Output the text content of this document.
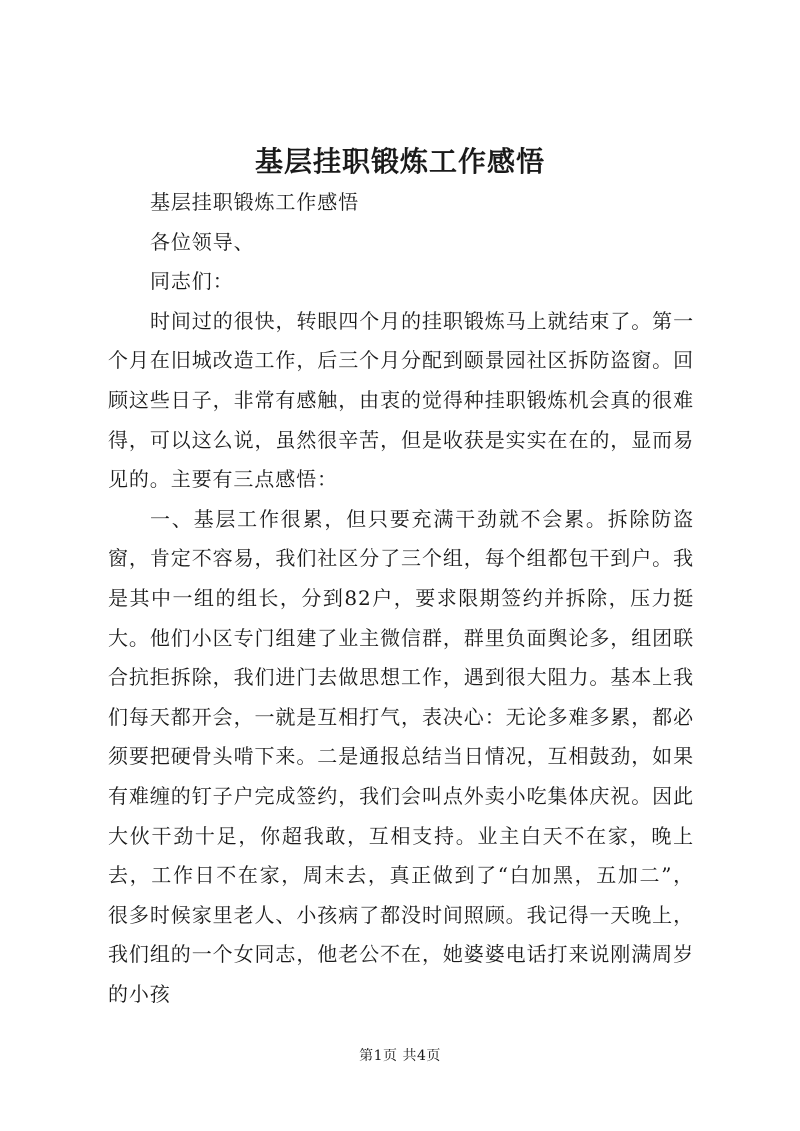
基层挂职锻炼工作感悟

基层挂职锻炼工作感悟

各位领导、

同志们：

时间过的很快，转眼四个月的挂职锻炼马上就结束了。第一个月在旧城改造工作，后三个月分配到颐景园社区拆防盗窗。回顾这些日子，非常有感触，由衷的觉得种挂职锻炼机会真的很难得，可以这么说，虽然很辛苦，但是收获是实实在在的，显而易见的。主要有三点感悟：

一、基层工作很累，但只要充满干劲就不会累。拆除防盗窗，肯定不容易，我们社区分了三个组，每个组都包干到户。我是其中一组的组长，分到82户，要求限期签约并拆除，压力挺大。他们小区专门组建了业主微信群，群里负面舆论多，组团联合抗拒拆除，我们进门去做思想工作，遇到很大阻力。基本上我们每天都开会，一就是互相打气，表决心：无论多难多累，都必须要把硬骨头啃下来。二是通报总结当日情况，互相鼓劲，如果有难缠的钉子户完成签约，我们会叫点外卖小吃集体庆祝。因此大伙干劲十足，你超我敢，互相支持。业主白天不在家，晚上去，工作日不在家，周末去，真正做到了“白加黑，五加二”，很多时候家里老人、小孩病了都没时间照顾。我记得一天晚上，我们组的一个女同志，他老公不在，她婆婆电话打来说刚满周岁的小孩

第1页 共4页
